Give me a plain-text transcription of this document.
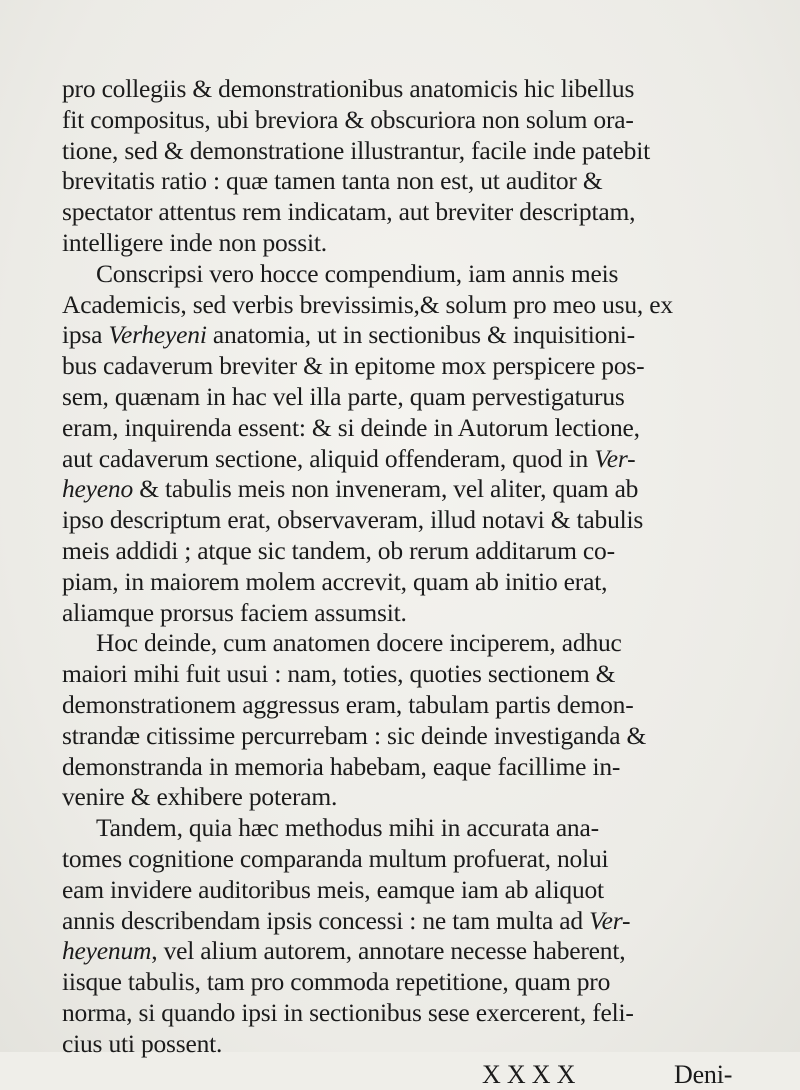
pro collegiis & demonstrationibus anatomicis hic libellus
fit compositus, ubi breviora & obscuriora non solum ora-
tione, sed & demonstratione illustrantur, facile inde patebit
brevitatis ratio : quæ tamen tanta non est, ut auditor &
spectator attentus rem indicatam, aut breviter descriptam,
intelligere inde non possit.
Conscripsi vero hocce compendium, iam annis meis
Academicis, sed verbis brevissimis,& solum pro meo usu, ex
ipsa Verheyeni anatomia, ut in sectionibus & inquisitioni-
bus cadaverum breviter & in epitome mox perspicere pos-
sem, quænam in hac vel illa parte, quam pervestigaturus
eram, inquirenda essent: & si deinde in Autorum lectione,
aut cadaverum sectione, aliquid offenderam, quod in Ver-
heyeno & tabulis meis non inveneram, vel aliter, quam ab
ipso descriptum erat, observaveram, illud notavi & tabulis
meis addidi ; atque sic tandem, ob rerum additarum co-
piam, in maiorem molem accrevit, quam ab initio erat,
aliamque prorsus faciem assumsit.
Hoc deinde, cum anatomen docere inciperem, adhuc
maiori mihi fuit usui : nam, toties, quoties sectionem &
demonstrationem aggressus eram, tabulam partis demon-
strandæ citissime percurrebam : sic deinde investiganda &
demonstranda in memoria habebam, eaque facillime in-
venire & exhibere poteram.
Tandem, quia hæc methodus mihi in accurata ana-
tomes cognitione comparanda multum profuerat, nolui
eam invidere auditoribus meis, eamque iam ab aliquot
annis describendam ipsis concessi : ne tam multa ad Ver-
heyenum, vel alium autorem, annotare necesse haberent,
iisque tabulis, tam pro commoda repetitione, quam pro
norma, si quando ipsi in sectionibus sese exercerent, feli-
cius uti possent.
X X X X	Deni-
